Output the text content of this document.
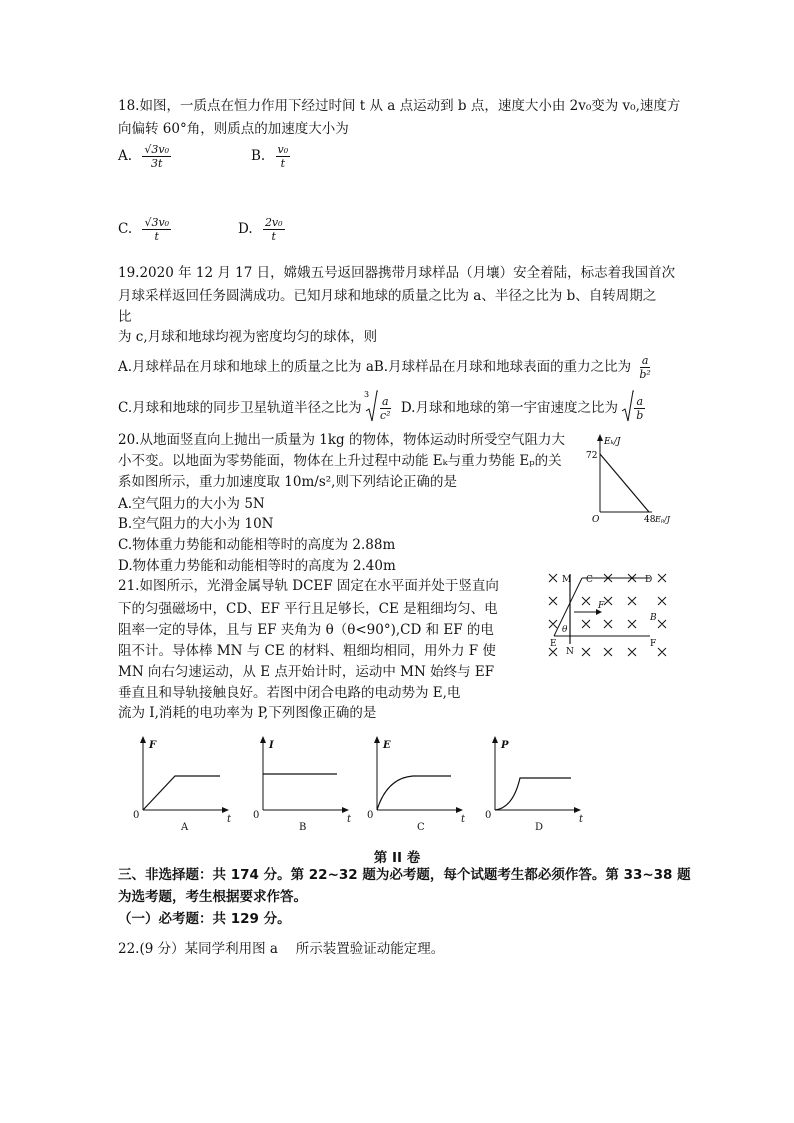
18.如图，一质点在恒力作用下经过时间 t 从 a 点运动到 b 点，速度大小由 2v₀变为 v₀,速度方
向偏转 60°角，则质点的加速度大小为
A. $\frac{\text{√3v₀}}{3t}$	B. $\frac{\text{v₀}}{t}$
C. $\frac{\text{√3v₀}}{t}$	D. $\frac{\text{2v₀}}{t}$
19.2020 年 12 月 17 日，嫦娥五号返回器携带月球样品（月壤）安全着陆，标志着我国首次
月球采样返回任务圆满成功。已知月球和地球的质量之比为 a、半径之比为 b、自转周期之
比
为 c,月球和地球均视为密度均匀的球体，则
A.月球样品在月球和地球上的质量之比为 aB.月球样品在月球和地球表面的重力之比为 $\frac{a}{\text{b²}}$
C.月球和地球的同步卫星轨道半径之比为
3
$\frac{a}{\text{c²}} D$.月球和地球的第一宇宙速度之比为 $\frac{a}{b}$
20.从地面竖直向上抛出一质量为 1kg 的物体，物体运动时所受空气阻力大
小不变。以地面为零势能面，物体在上升过程中动能 Eₖ与重力势能 Eₚ的关
系如图所示，重力加速度取 10m/s²,则下列结论正确的是
A.空气阻力的大小为 5N
B.空气阻力的大小为 10N
C.物体重力势能和动能相等时的高度为 2.88m
D.物体重力势能和动能相等时的高度为 2.40m
Eₖ/J
72
O	48 Eₚ/J
21.如图所示，光滑金属导轨 DCEF 固定在水平面并处于竖直向
下的匀强磁场中，CD、EF 平行且足够长，CE 是粗细均匀、电
阻率一定的导体，且与 EF 夹角为 θ（θ<90°),CD 和 EF 的电
阻不计。导体棒 MN 与 CE 的材料、粗细均相同，用外力 F 使
MN 向右匀速运动，从 E 点开始计时，运动中 MN 始终与 EF
垂直且和导轨接触良好。若图中闭合电路的电动势为 E,电
流为 I,消耗的电功率为 P,下列图像正确的是
M C	D
E
N
F
B
θ
F
F	I	E	P
0	0	0	0
t	t	t	t
A	B	C	D
第 II 卷
三、非选择题：共 174 分。第 22~32 题为必考题，每个试题考生都必须作答。第 33~38 题
为选考题，考生根据要求作答。
（一）必考题：共 129 分。
22.(9 分）某同学利用图 a　 所示装置验证动能定理。
